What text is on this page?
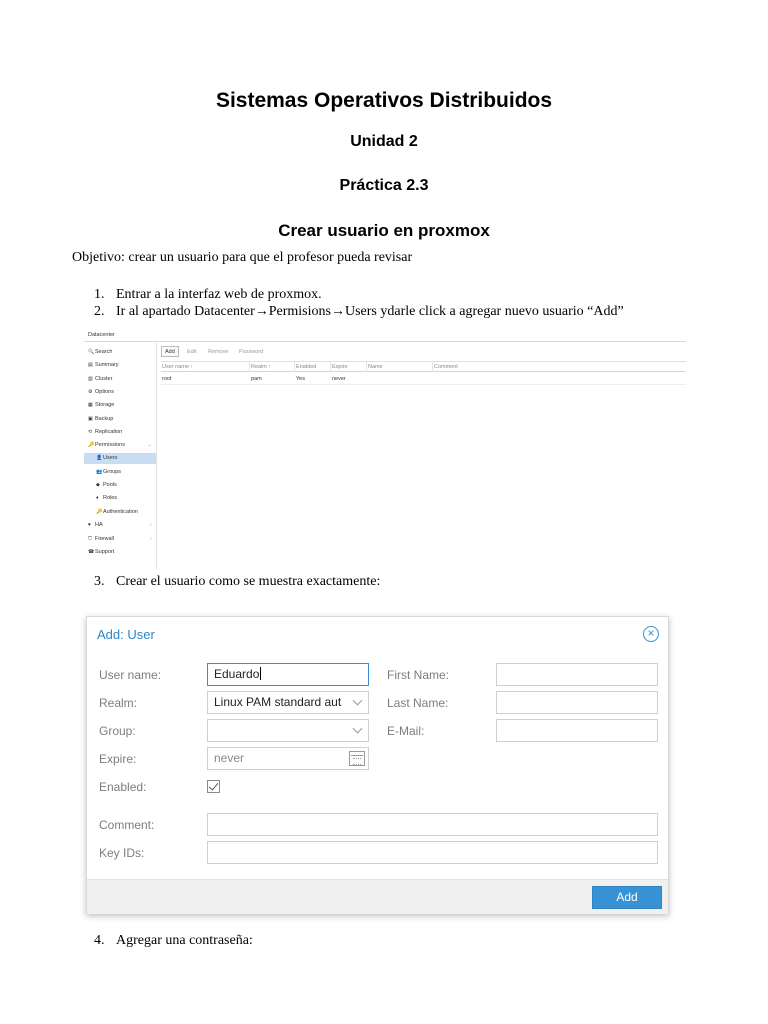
Sistemas Operativos Distribuidos
Unidad 2
Práctica 2.3
Crear usuario en proxmox
Objetivo: crear un usuario para que el profesor pueda revisar
1. Entrar a la interfaz web de proxmox.
2. Ir al apartado Datacenter→Permisions→Users ydarle click a agregar nuevo usuario “Add”
Datacenter
🔍Search
▤ Summary
▥ Cluster
⚙ Options
▦ Storage
▣ Backup
⟲ Replication
🔑Permissions	⌄
👤Users
👥Groups
◆ Pools
♦ Roles
🔑Authentication
♥ HA	›
⛉ Firewall	›
☎Support
Add	Edit	Remove	Password
User name ↑	Realm ↑	Enabled	Expire	Name	Comment
root	pam	Yes	never
3. Crear el usuario como se muestra exactamente:
Add: User	×
User name:	Eduardo
Realm:	Linux PAM standard aut
Group:
Expire:	never
Enabled:
First Name:
Last Name:
E-Mail:
Comment:
Key IDs:
Add
4. Agregar una contraseña:
